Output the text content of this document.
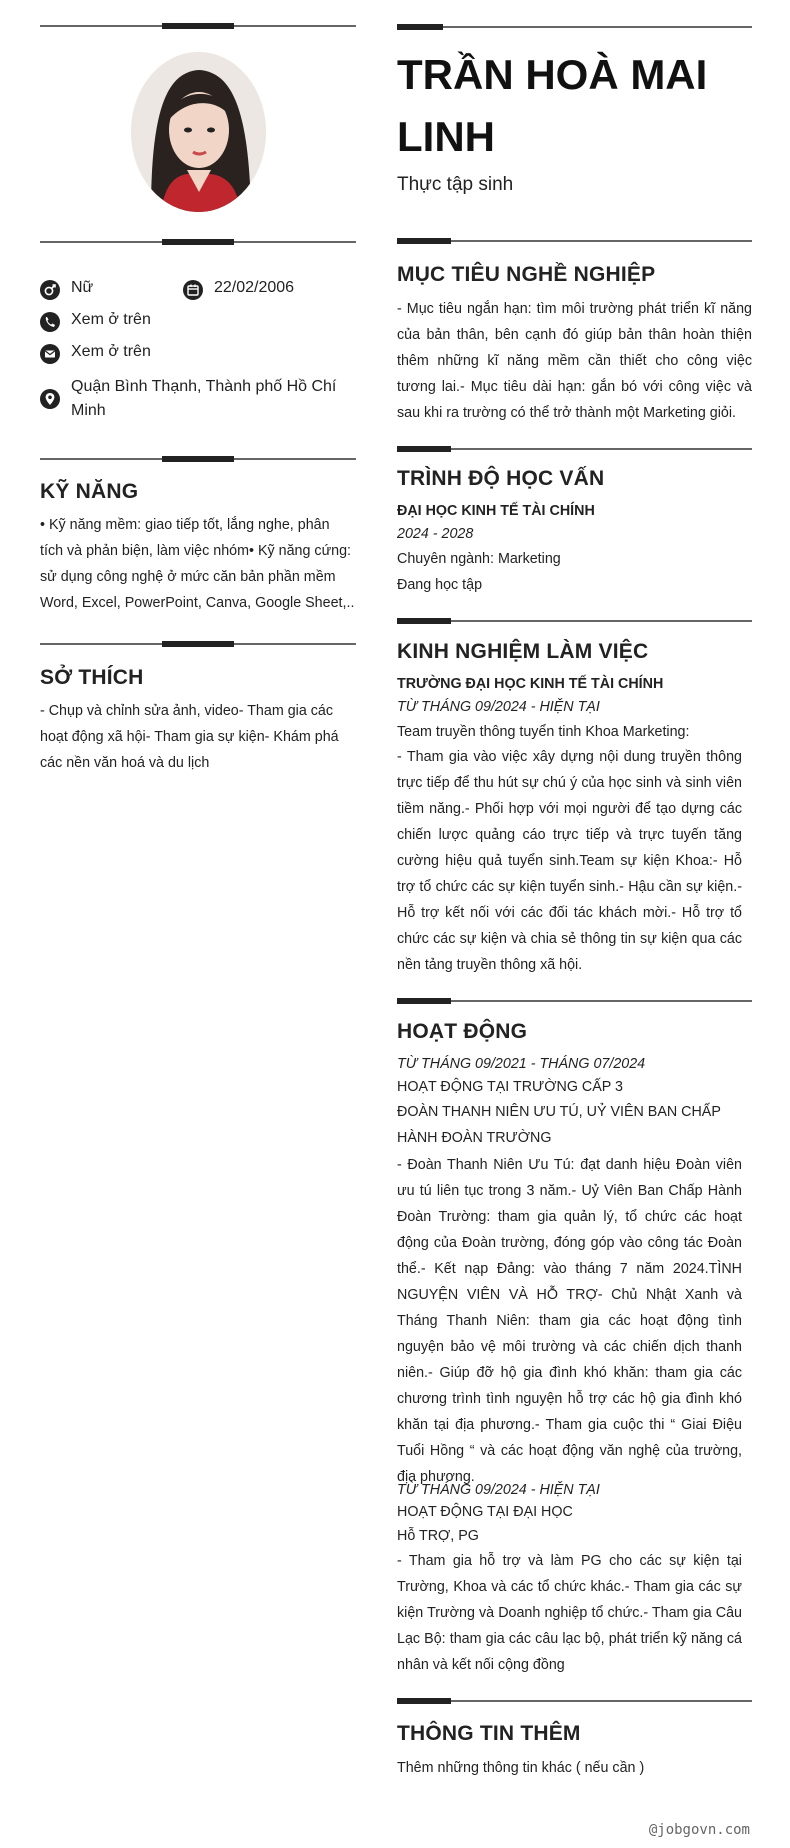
Nữ	22/02/2006
Xem ở trên
Xem ở trên
Quận Bình Thạnh, Thành phố Hồ Chí Minh
KỸ NĂNG
• Kỹ năng mềm: giao tiếp tốt, lắng nghe, phân tích và phản biện, làm việc nhóm• Kỹ năng cứng: sử dụng công nghệ ở mức căn bản phần mềm Word, Excel, PowerPoint, Canva, Google Sheet,..
SỞ THÍCH
- Chụp và chỉnh sửa ảnh, video- Tham gia các hoạt động xã hội- Tham gia sự kiện- Khám phá các nền văn hoá và du lịch
TRẦN HOÀ MAI LINH
Thực tập sinh
MỤC TIÊU NGHỀ NGHIỆP
- Mục tiêu ngắn hạn: tìm môi trường phát triển kĩ năng của bản thân, bên cạnh đó giúp bản thân hoàn thiện thêm những kĩ năng mềm cần thiết cho công việc tương lai.- Mục tiêu dài hạn: gắn bó với công việc và sau khi ra trường có thể trở thành một Marketing giỏi.
TRÌNH ĐỘ HỌC VẤN
ĐẠI HỌC KINH TẾ TÀI CHÍNH
2024 - 2028
Chuyên ngành: Marketing
Đang học tập
KINH NGHIỆM LÀM VIỆC
TRƯỜNG ĐẠI HỌC KINH TẾ TÀI CHÍNH
TỪ THÁNG 09/2024 - HIỆN TẠI
Team truyền thông tuyển tinh Khoa Marketing:
- Tham gia vào việc xây dựng nội dung truyền thông trực tiếp để thu hút sự chú ý của học sinh và sinh viên tiềm năng.- Phối hợp với mọi người để tạo dựng các chiến lược quảng cáo trực tiếp và trực tuyến tăng cường hiệu quả tuyển sinh.Team sự kiện Khoa:- Hỗ trợ tổ chức các sự kiện tuyển sinh.- Hậu cần sự kiện.- Hỗ trợ kết nối với các đối tác khách mời.- Hỗ trợ tổ chức các sự kiện và chia sẻ thông tin sự kiện qua các nền tảng truyền thông xã hội.
HOẠT ĐỘNG
TỪ THÁNG 09/2021 - THÁNG 07/2024
HOẠT ĐỘNG TẠI TRƯỜNG CẤP 3
ĐOÀN THANH NIÊN ƯU TÚ, UỶ VIÊN BAN CHẤP HÀNH ĐOÀN TRƯỜNG
- Đoàn Thanh Niên Ưu Tú: đạt danh hiệu Đoàn viên ưu tú liên tục trong 3 năm.- Uỷ Viên Ban Chấp Hành Đoàn Trường: tham gia quản lý, tổ chức các hoạt động của Đoàn trường, đóng góp vào công tác Đoàn thể.- Kết nạp Đảng: vào tháng 7 năm 2024.TÌNH NGUYỆN VIÊN VÀ HỖ TRỢ- Chủ Nhật Xanh và Tháng Thanh Niên: tham gia các hoạt động tình nguyện bảo vệ môi trường và các chiến dịch thanh niên.- Giúp đỡ hộ gia đình khó khăn: tham gia các chương trình tình nguyện hỗ trợ các hộ gia đình khó khăn tại địa phương.- Tham gia cuộc thi “ Giai Điệu Tuổi Hồng “ và các hoạt động văn nghệ của trường, địa phương.
TỪ THÁNG 09/2024 - HIỆN TẠI
HOẠT ĐỘNG TẠI ĐẠI HỌC
Hỗ TRỢ, PG
- Tham gia hỗ trợ và làm PG cho các sự kiện tại Trường, Khoa và các tổ chức khác.- Tham gia các sự kiện Trường và Doanh nghiệp tổ chức.- Tham gia Câu Lạc Bộ: tham gia các câu lạc bộ, phát triển kỹ năng cá nhân và kết nối cộng đồng
THÔNG TIN THÊM
Thêm những thông tin khác ( nếu cần )
@jobgovn.com
